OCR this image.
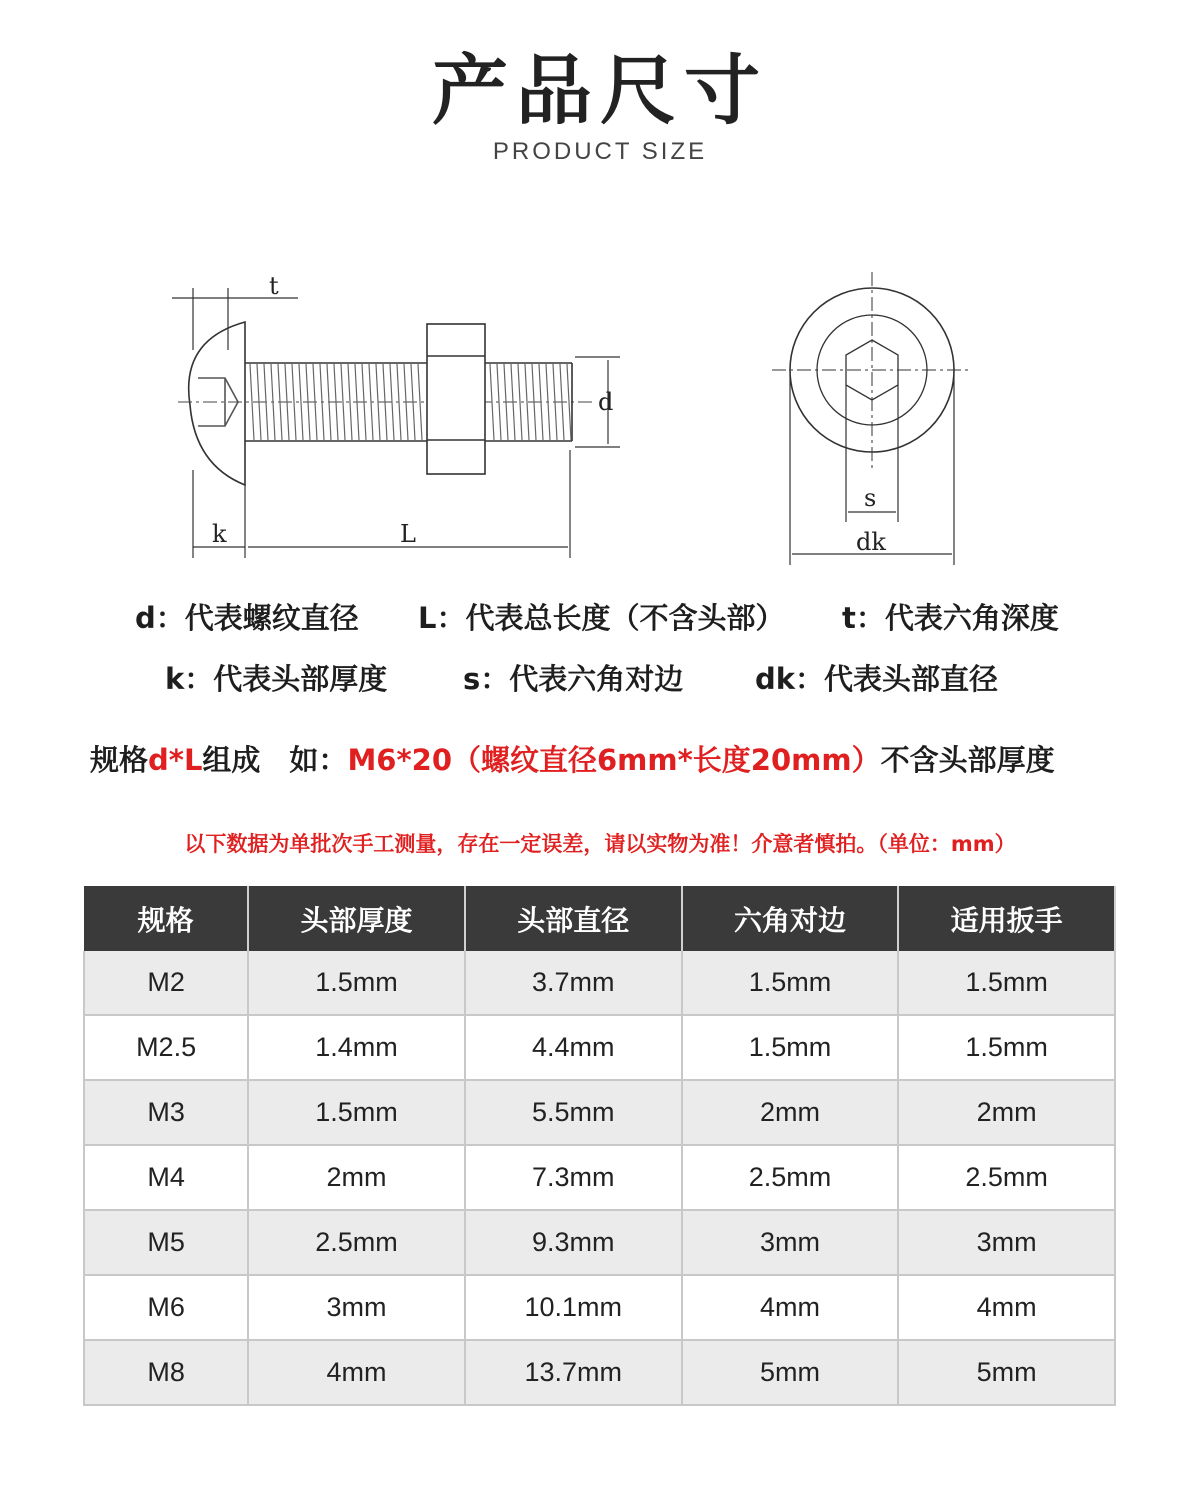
产品尺寸
PRODUCT SIZE
t
k	L
d
s
dk
d：代表螺纹直径 L：代表总长度（不含头部） t：代表六角深度
k：代表头部厚度	s：代表六角对边 dk：代表头部直径
规格d*L组成　如：M6*20（螺纹直径6mm*长度20mm）不含头部厚度
以下数据为单批次手工测量，存在一定误差，请以实物为准！介意者慎拍。（单位：mm）
规格	头部厚度	头部直径	六角对边	适用扳手
M2	1.5mm	3.7mm	1.5mm	1.5mm
M2.5	1.4mm	4.4mm	1.5mm	1.5mm
M3	1.5mm	5.5mm	2mm	2mm
M4	2mm	7.3mm	2.5mm	2.5mm
M5	2.5mm	9.3mm	3mm	3mm
M6	3mm	10.1mm	4mm	4mm
M8	4mm	13.7mm	5mm	5mm
